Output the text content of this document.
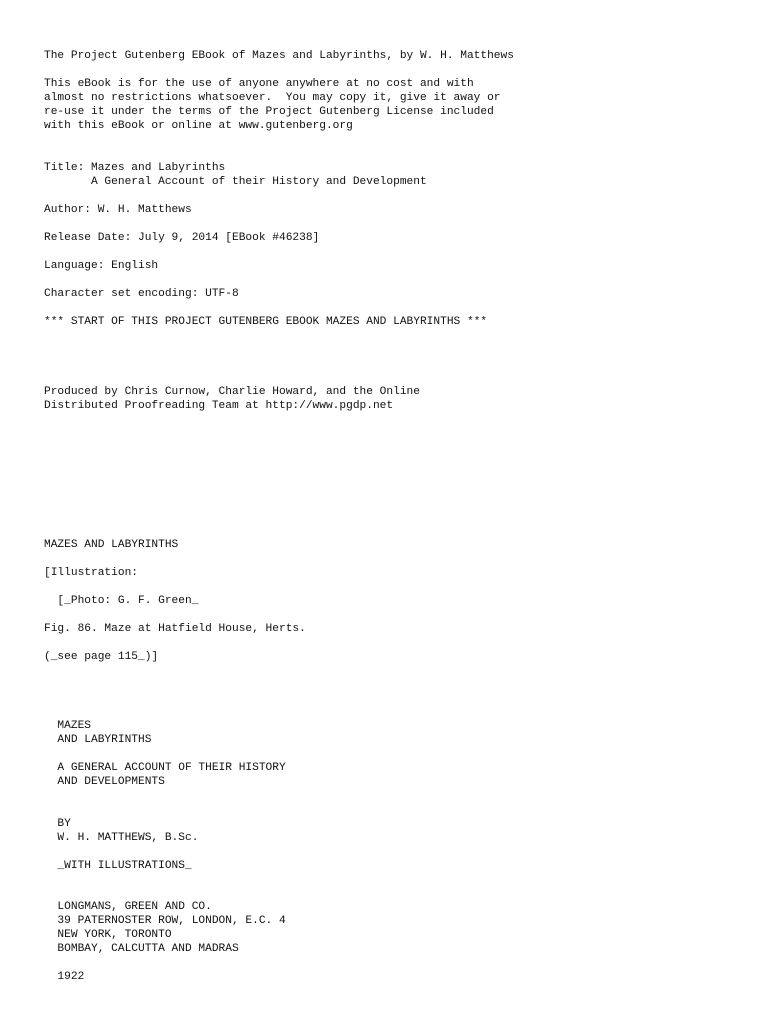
The Project Gutenberg EBook of Mazes and Labyrinths, by W. H. Matthews

This eBook is for the use of anyone anywhere at no cost and with

almost no restrictions whatsoever.  You may copy it, give it away or

re-use it under the terms of the Project Gutenberg License included

with this eBook or online at www.gutenberg.org

Title: Mazes and Labyrinths

A General Account of their History and Development

Author: W. H. Matthews

Release Date: July 9, 2014 [EBook #46238]

Language: English

Character set encoding: UTF-8

*** START OF THIS PROJECT GUTENBERG EBOOK MAZES AND LABYRINTHS ***

Produced by Chris Curnow, Charlie Howard, and the Online

Distributed Proofreading Team at http://www.pgdp.net

MAZES AND LABYRINTHS

[Illustration:

[_Photo: G. F. Green_

Fig. 86. Maze at Hatfield House, Herts.

(_see page 115_)]

MAZES

AND LABYRINTHS

A GENERAL ACCOUNT OF THEIR HISTORY

AND DEVELOPMENTS

BY

W. H. MATTHEWS, B.Sc.

_WITH ILLUSTRATIONS_

LONGMANS, GREEN AND CO.

39 PATERNOSTER ROW, LONDON, E.C. 4

NEW YORK, TORONTO

BOMBAY, CALCUTTA AND MADRAS

1922
